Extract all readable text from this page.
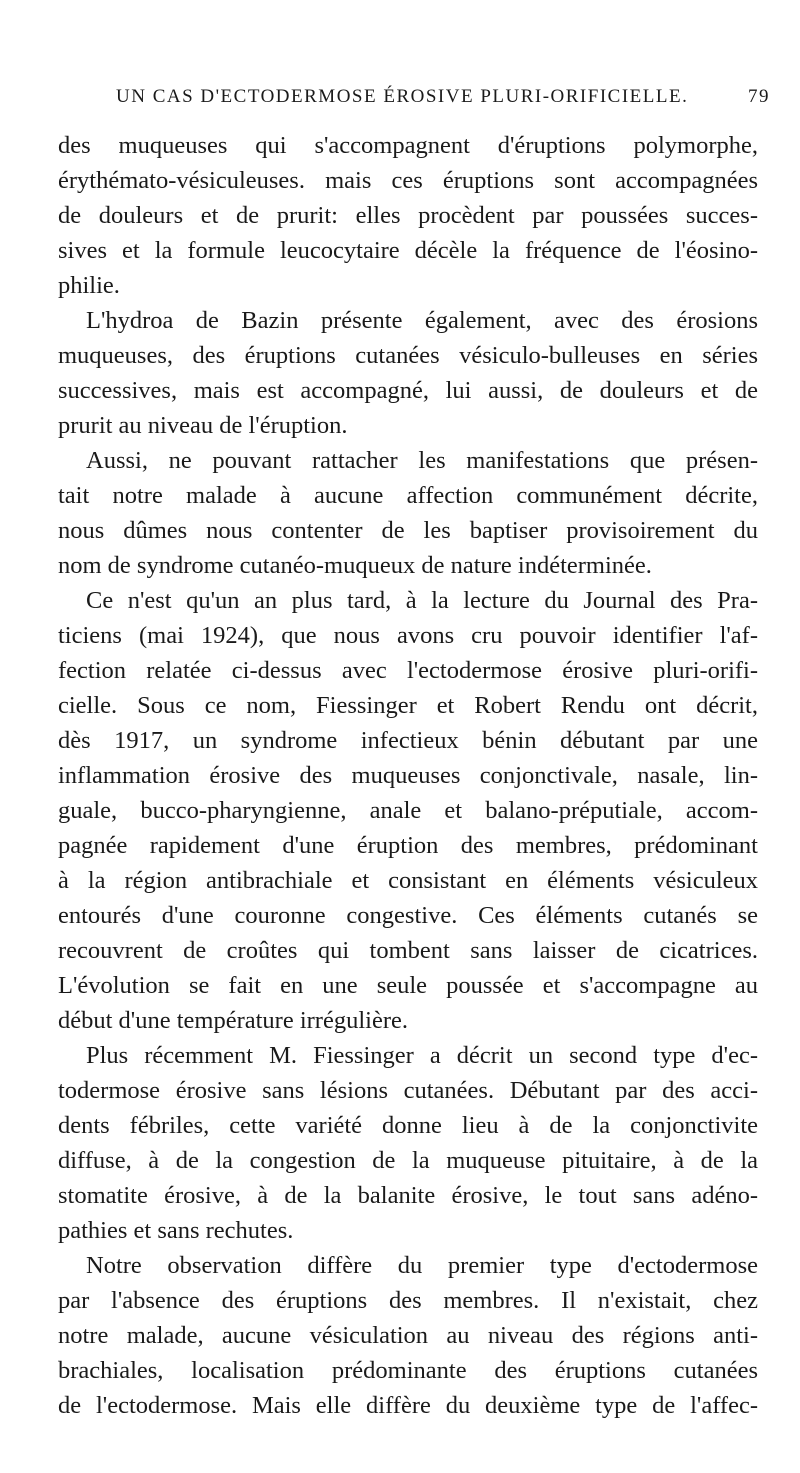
UN CAS D'ECTODERMOSE ÉROSIVE PLURI-ORIFICIELLE.	79
des muqueuses qui s'accompagnent d'éruptions polymorphe,
érythémato-vésiculeuses. mais ces éruptions sont accompagnées
de douleurs et de prurit: elles procèdent par poussées succes-
sives et la formule leucocytaire décèle la fréquence de l'éosino-
philie.
L'hydroa de Bazin présente également, avec des érosions
muqueuses, des éruptions cutanées vésiculo-bulleuses en séries
successives, mais est accompagné, lui aussi, de douleurs et de
prurit au niveau de l'éruption.
Aussi, ne pouvant rattacher les manifestations que présen-
tait notre malade à aucune affection communément décrite,
nous dûmes nous contenter de les baptiser provisoirement du
nom de syndrome cutanéo-muqueux de nature indéterminée.
Ce n'est qu'un an plus tard, à la lecture du Journal des Pra-
ticiens (mai 1924), que nous avons cru pouvoir identifier l'af-
fection relatée ci-dessus avec l'ectodermose érosive pluri-orifi-
cielle. Sous ce nom, Fiessinger et Robert Rendu ont décrit,
dès 1917, un syndrome infectieux bénin débutant par une
inflammation érosive des muqueuses conjonctivale, nasale, lin-
guale, bucco-pharyngienne, anale et balano-préputiale, accom-
pagnée rapidement d'une éruption des membres, prédominant
à la région antibrachiale et consistant en éléments vésiculeux
entourés d'une couronne congestive. Ces éléments cutanés se
recouvrent de croûtes qui tombent sans laisser de cicatrices.
L'évolution se fait en une seule poussée et s'accompagne au
début d'une température irrégulière.
Plus récemment M. Fiessinger a décrit un second type d'ec-
todermose érosive sans lésions cutanées. Débutant par des acci-
dents fébriles, cette variété donne lieu à de la conjonctivite
diffuse, à de la congestion de la muqueuse pituitaire, à de la
stomatite érosive, à de la balanite érosive, le tout sans adéno-
pathies et sans rechutes.
Notre observation diffère du premier type d'ectodermose
par l'absence des éruptions des membres. Il n'existait, chez
notre malade, aucune vésiculation au niveau des régions anti-
brachiales, localisation prédominante des éruptions cutanées
de l'ectodermose. Mais elle diffère du deuxième type de l'affec-
